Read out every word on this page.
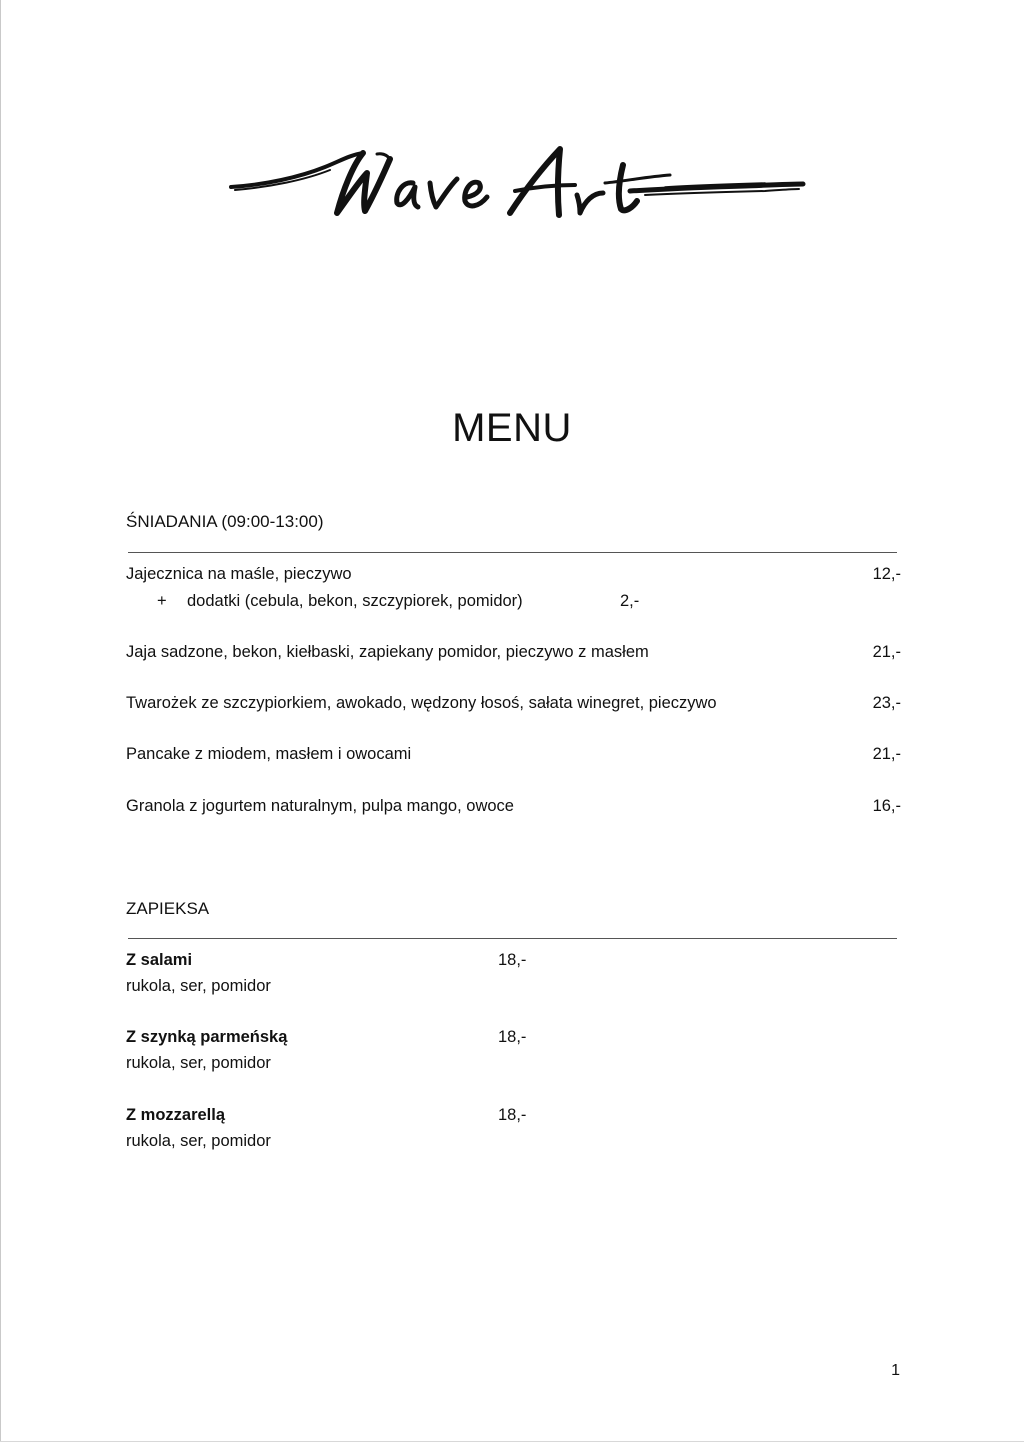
MENU
ŚNIADANIA (09:00-13:00)
Jajecznica na maśle, pieczywo	12,-
+ dodatki (cebula, bekon, szczypiorek, pomidor)	2,-
Jaja sadzone, bekon, kiełbaski, zapiekany pomidor, pieczywo z masłem	21,-
Twarożek ze szczypiorkiem, awokado, wędzony łosoś, sałata winegret, pieczywo	23,-
Pancake z miodem, masłem i owocami	21,-
Granola z jogurtem naturalnym, pulpa mango, owoce	16,-
ZAPIEKSA
Z salami	18,-
rukola, ser, pomidor
Z szynką parmeńską	18,-
rukola, ser, pomidor
Z mozzarellą	18,-
rukola, ser, pomidor
1
